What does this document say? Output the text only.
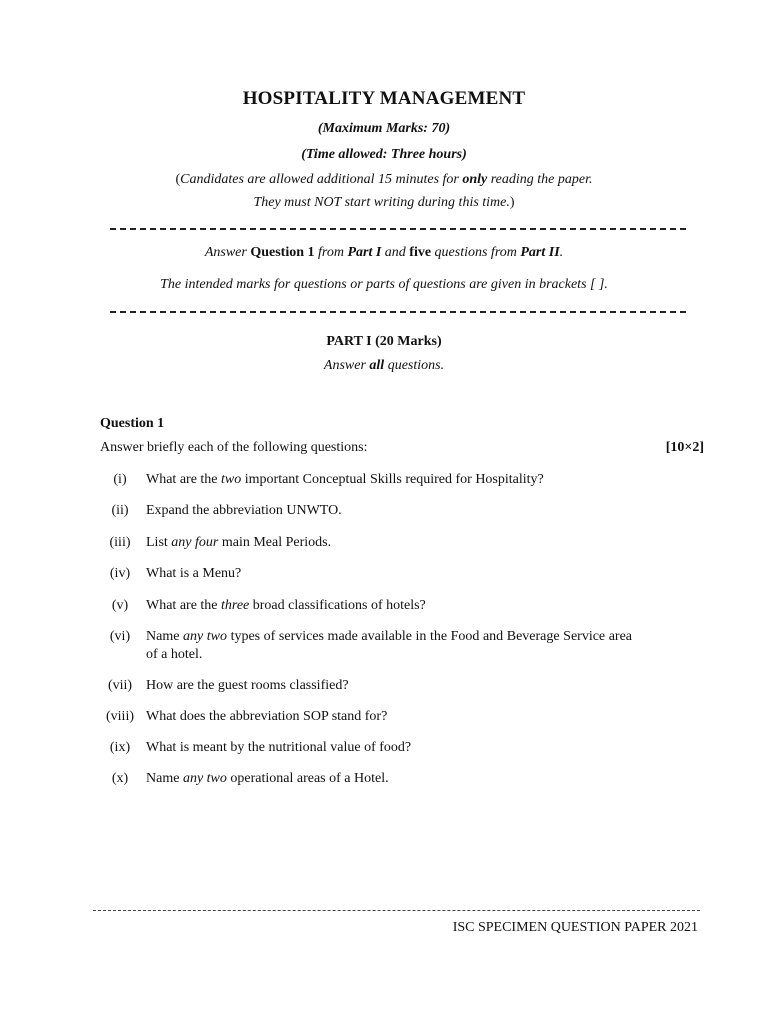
HOSPITALITY MANAGEMENT
(Maximum Marks: 70)
(Time allowed: Three hours)
(Candidates are allowed additional 15 minutes for only reading the paper.
They must NOT start writing during this time.)
Answer Question 1 from Part I and five questions from Part II.
The intended marks for questions or parts of questions are given in brackets [ ].
PART I (20 Marks)
Answer all questions.
Question 1
Answer briefly each of the following questions:	[10×2]
(i)	What are the two important Conceptual Skills required for Hospitality?
(ii)	Expand the abbreviation UNWTO.
(iii)	List any four main Meal Periods.
(iv)	What is a Menu?
(v)	What are the three broad classifications of hotels?
(vi)	Name any two types of services made available in the Food and Beverage Service area of a hotel.
(vii) How are the guest rooms classified?
(viii) What does the abbreviation SOP stand for?
(ix)	What is meant by the nutritional value of food?
(x)	Name any two operational areas of a Hotel.
ISC SPECIMEN QUESTION PAPER 2021
